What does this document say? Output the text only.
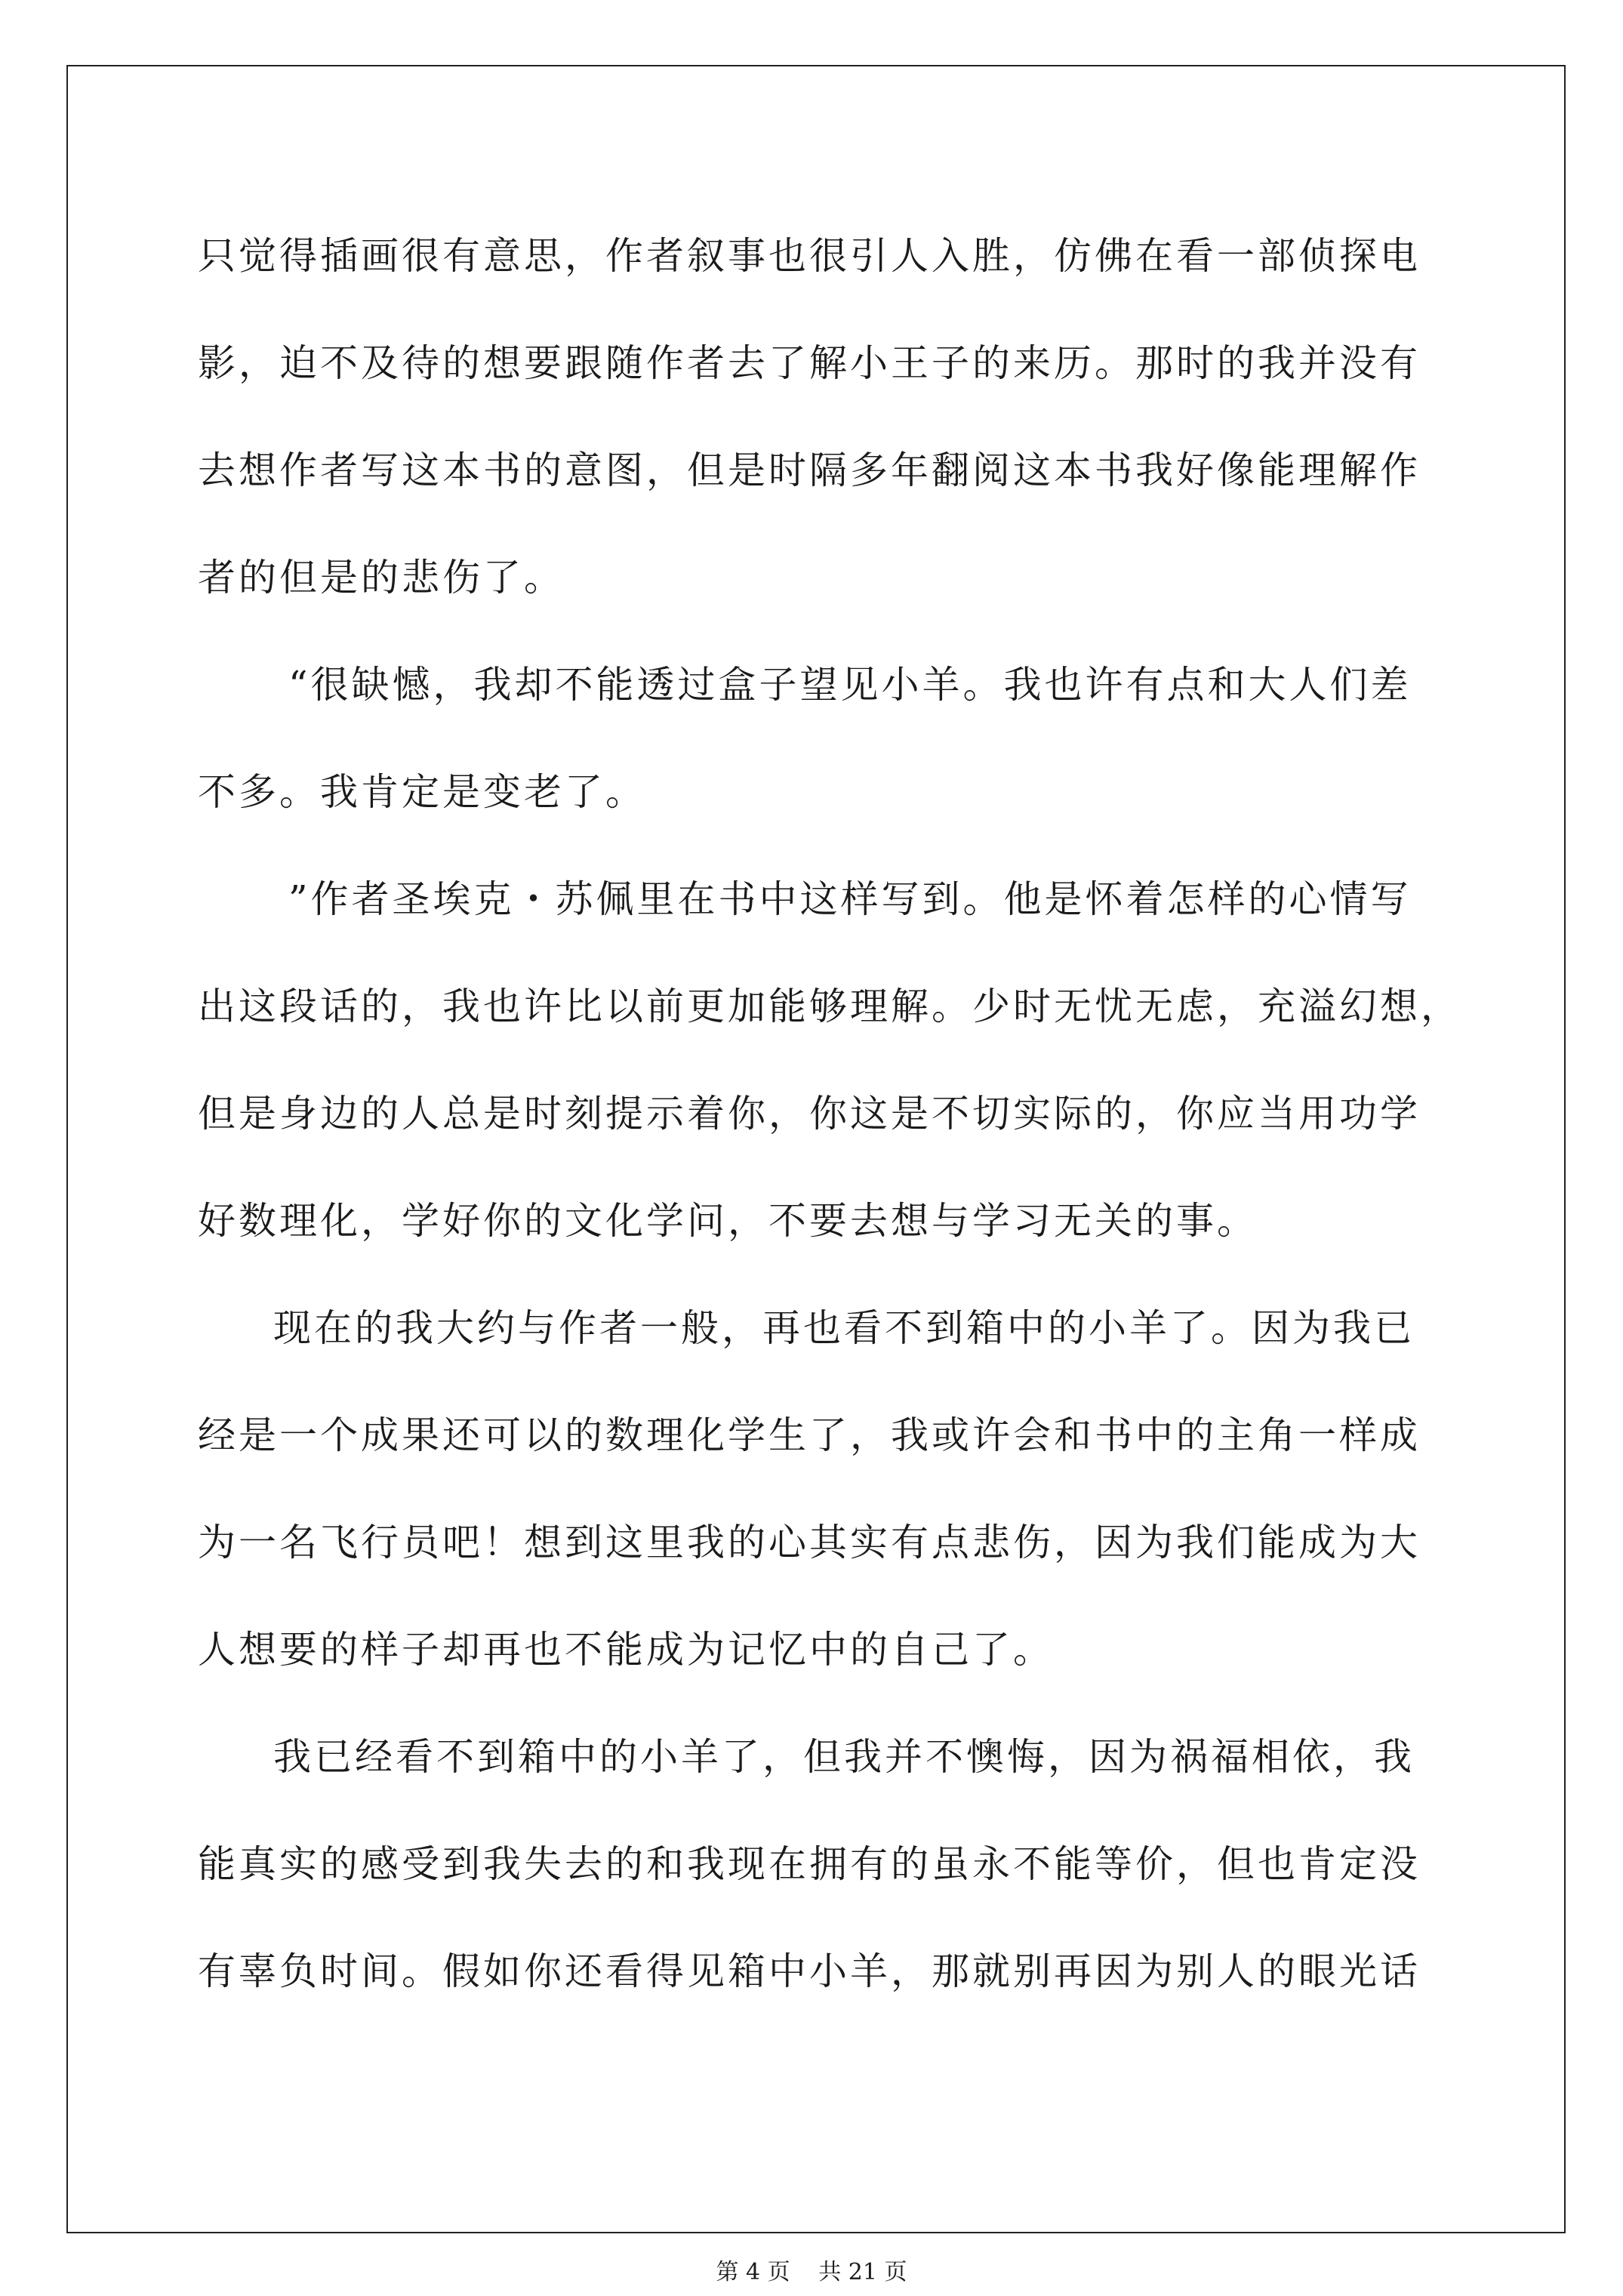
只觉得插画很有意思，作者叙事也很引人入胜，仿佛在看一部侦探电

影，迫不及待的想要跟随作者去了解小王子的来历。那时的我并没有

去想作者写这本书的意图，但是时隔多年翻阅这本书我好像能理解作

者的但是的悲伤了。

“很缺憾，我却不能透过盒子望见小羊。我也许有点和大人们差

不多。我肯定是变老了。

”作者圣埃克・苏佩里在书中这样写到。他是怀着怎样的心情写

出这段话的，我也许比以前更加能够理解。少时无忧无虑，充溢幻想，

但是身边的人总是时刻提示着你，你这是不切实际的，你应当用功学

好数理化，学好你的文化学问，不要去想与学习无关的事。

现在的我大约与作者一般，再也看不到箱中的小羊了。因为我已

经是一个成果还可以的数理化学生了，我或许会和书中的主角一样成

为一名飞行员吧！想到这里我的心其实有点悲伤，因为我们能成为大

人想要的样子却再也不能成为记忆中的自己了。

我已经看不到箱中的小羊了，但我并不懊悔，因为祸福相依，我

能真实的感受到我失去的和我现在拥有的虽永不能等价，但也肯定没

有辜负时间。假如你还看得见箱中小羊，那就别再因为别人的眼光话

第 4 页 共 21 页
